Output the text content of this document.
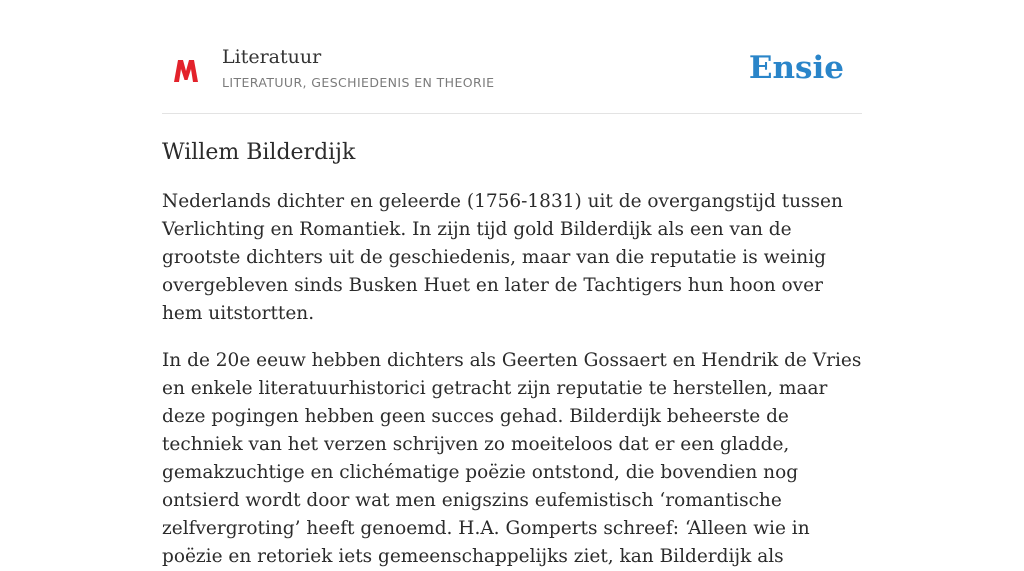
Literatuur
LITERATUUR, GESCHIEDENIS EN THEORIE	Ensie
Willem Bilderdijk

Nederlands dichter en geleerde (1756-1831) uit de overgangstijd tussen Verlichting en Romantiek. In zijn tijd gold Bilderdijk als een van de grootste dichters uit de geschiedenis, maar van die reputatie is weinig overgebleven sinds Busken Huet en later de Tachtigers hun hoon over hem uitstortten.

In de 20e eeuw hebben dichters als Geerten Gossaert en Hendrik de Vries en enkele literatuurhistorici getracht zijn reputatie te herstellen, maar deze pogingen hebben geen succes gehad. Bilderdijk beheerste de techniek van het verzen schrijven zo moeiteloos dat er een gladde, gemakzuchtige en clichématige poëzie ontstond, die bovendien nog ontsierd wordt door wat men enigszins eufemistisch ‘romantische zelfvergroting’ heeft genoemd. H.A. Gomperts schreef: ‘Alleen wie in poëzie en retoriek iets gemeenschappelijks ziet, kan Bilderdijk als
